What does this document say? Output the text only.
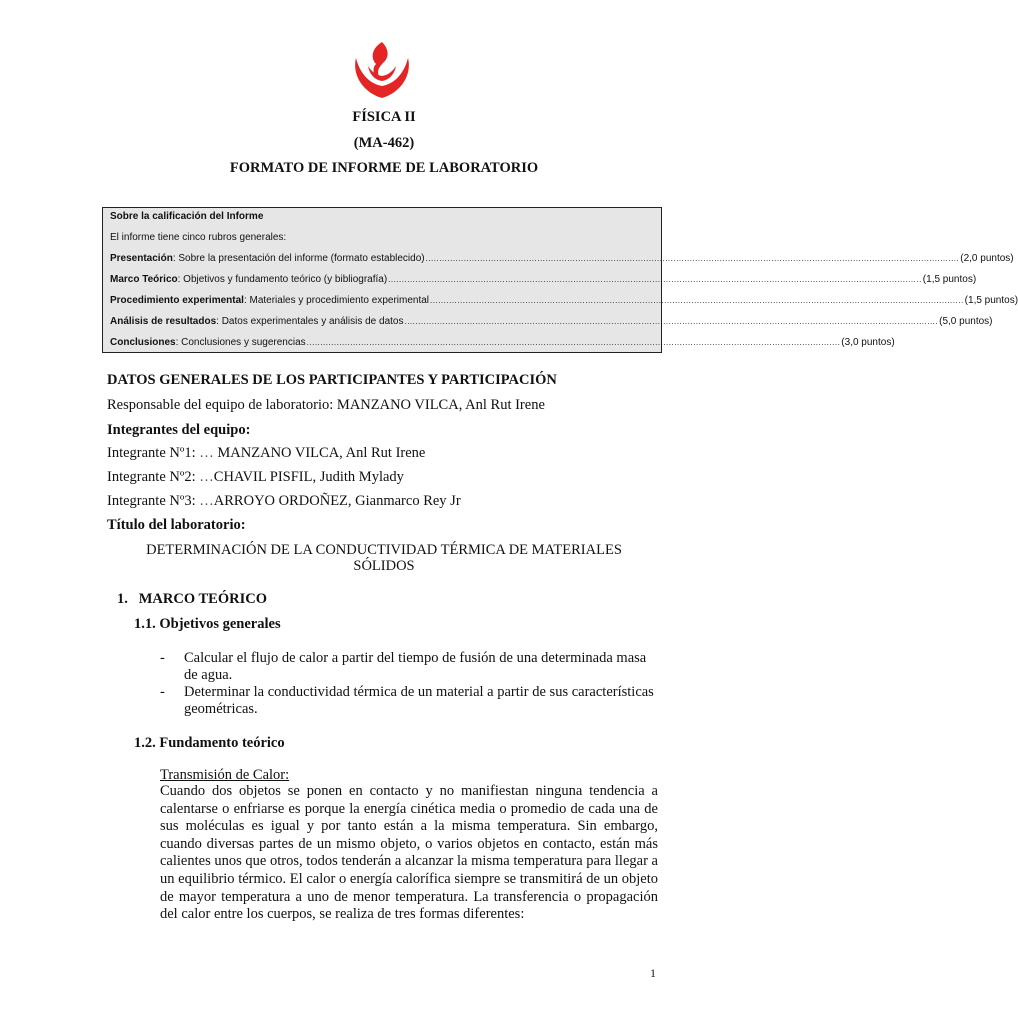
FÍSICA II
(MA-462)
FORMATO DE INFORME DE LABORATORIO
Sobre la calificación del Informe
El informe tiene cinco rubros generales:
Presentación: Sobre la presentación del informe (formato establecido) .................................................................................................................................................................................................... (2,0 puntos)
Marco Teórico: Objetivos y fundamento teórico (y bibliografía) .................................................................................................................................................................................................... (1,5 puntos)
Procedimiento experimental: Materiales y procedimiento experimental .................................................................................................................................................................................................... (1,5 puntos)
Análisis de resultados: Datos experimentales y análisis de datos .................................................................................................................................................................................................... (5,0 puntos)
Conclusiones: Conclusiones y sugerencias .................................................................................................................................................................................................... (3,0 puntos)
DATOS GENERALES DE LOS PARTICIPANTES Y PARTICIPACIÓN
Responsable del equipo de laboratorio: MANZANO VILCA, Anl Rut Irene
Integrantes del equipo:
Integrante Nº1: … MANZANO VILCA, Anl Rut Irene
Integrante Nº2: …CHAVIL PISFIL, Judith Mylady
Integrante Nº3: …ARROYO ORDOÑEZ, Gianmarco Rey Jr
Título del laboratorio:
DETERMINACIÓN DE LA CONDUCTIVIDAD TÉRMICA DE MATERIALES
SÓLIDOS
1.   MARCO TEÓRICO
1.1. Objetivos generales
- Calcular el flujo de calor a partir del tiempo de fusión de una determinada masa de agua.
- Determinar la conductividad térmica de un material a partir de sus características geométricas.
1.2. Fundamento teórico
Transmisión de Calor:
Cuando dos objetos se ponen en contacto y no manifiestan ninguna tendencia a calentarse o enfriarse es porque la energía cinética media o promedio de cada una de sus moléculas es igual y por tanto están a la misma temperatura. Sin embargo, cuando diversas partes de un mismo objeto, o varios objetos en contacto, están más calientes unos que otros, todos tenderán a alcanzar la misma temperatura para llegar a un equilibrio térmico. El calor o energía calorífica siempre se transmitirá de un objeto de mayor temperatura a uno de menor temperatura. La transferencia o propagación del calor entre los cuerpos, se realiza de tres formas diferentes:
1
